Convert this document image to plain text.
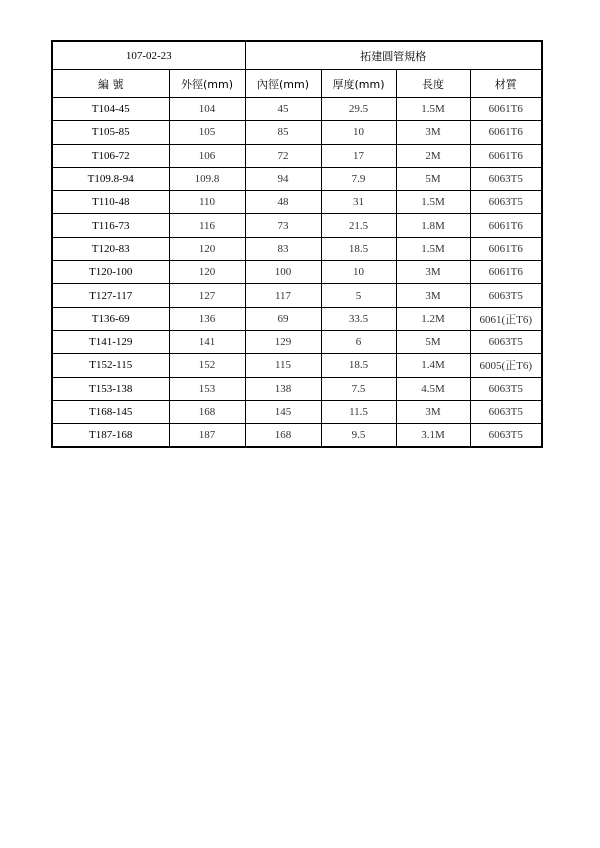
107-02-23		拓建圓管規格			
編 號	外徑(mm)	內徑(mm)	厚度(mm)	長度	材質
T104-45	104	45	29.5	1.5M	6061T6
T105-85	105	85	10	3M	6061T6
T106-72	106	72	17	2M	6061T6
T109.8-94	109.8	94	7.9	5M	6063T5
T110-48	110	48	31	1.5M	6063T5
T116-73	116	73	21.5	1.8M	6061T6
T120-83	120	83	18.5	1.5M	6061T6
T120-100	120	100	10	3M	6061T6
T127-117	127	117	5	3M	6063T5
T136-69	136	69	33.5	1.2M	6061(正T6)
T141-129	141	129	6	5M	6063T5
T152-115	152	115	18.5	1.4M	6005(正T6)
T153-138	153	138	7.5	4.5M	6063T5
T168-145	168	145	11.5	3M	6063T5
T187-168	187	168	9.5	3.1M	6063T5
